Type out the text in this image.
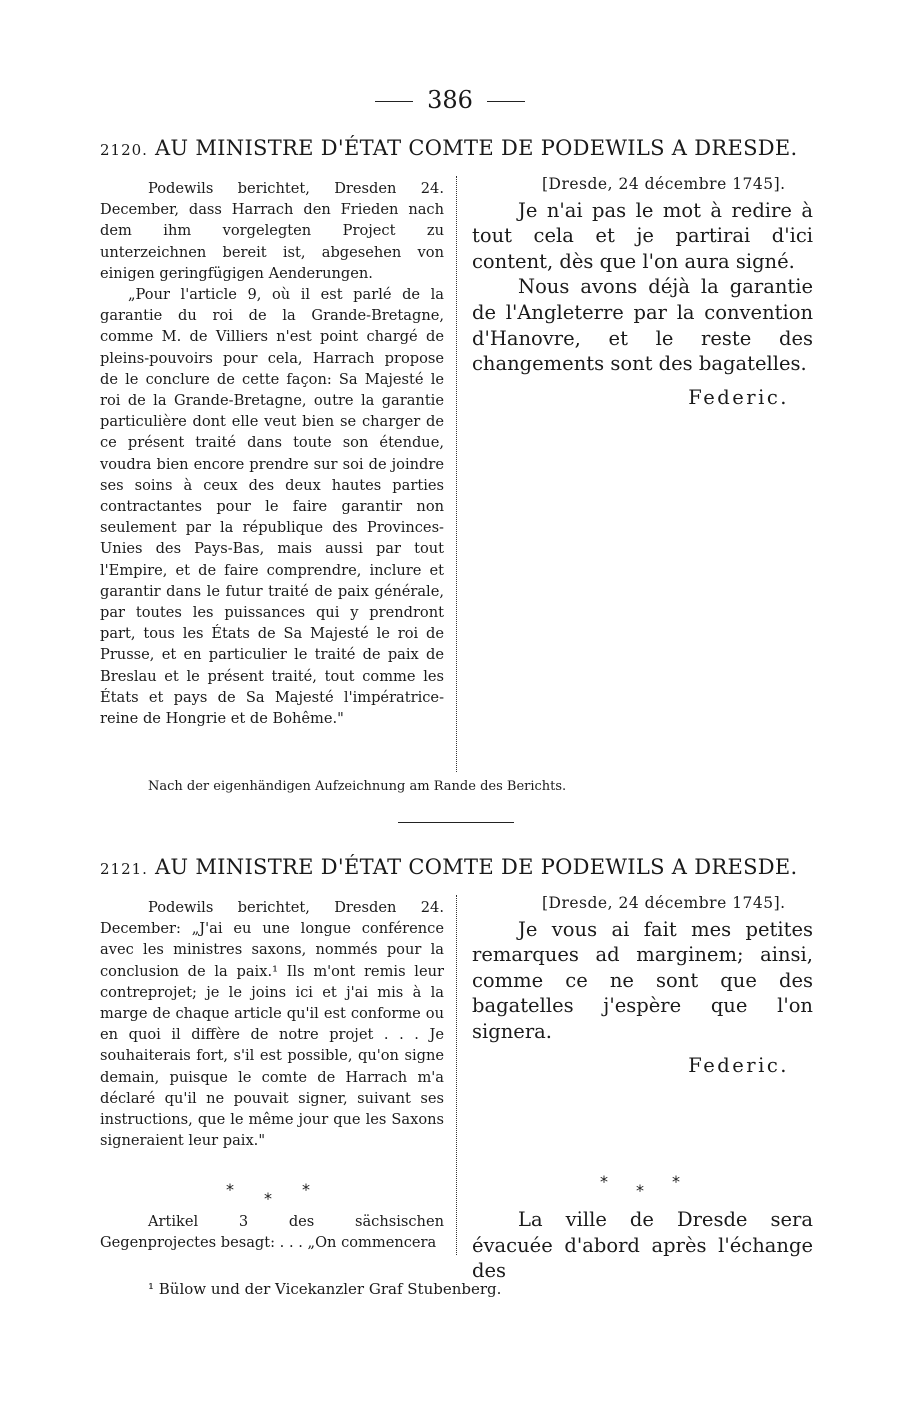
386
2120. AU MINISTRE D'ÉTAT COMTE DE PODEWILS A DRESDE.

Podewils berichtet, Dresden 24. December, dass Harrach den Frieden nach dem ihm vorgelegten Project zu unterzeichnen bereit ist, abgesehen von einigen geringfügigen Aenderungen.

„Pour l'article 9, où il est parlé de la garantie du roi de la Grande-Bretagne, comme M. de Villiers n'est point chargé de pleins-pouvoirs pour cela, Harrach propose de le conclure de cette façon: Sa Majesté le roi de la Grande-Bretagne, outre la garantie particulière dont elle veut bien se charger de ce présent traité dans toute son étendue, voudra bien encore prendre sur soi de joindre ses soins à ceux des deux hautes parties contractantes pour le faire garantir non seulement par la république des Provinces-Unies des Pays-Bas, mais aussi par tout l'Empire, et de faire comprendre, inclure et garantir dans le futur traité de paix générale, par toutes les puissances qui y prendront part, tous les États de Sa Majesté le roi de Prusse, et en particulier le traité de paix de Breslau et le présent traité, tout comme les États et pays de Sa Majesté l'impératrice-reine de Hongrie et de Bohême."

[Dresde, 24 décembre 1745].

Je n'ai pas le mot à redire à tout cela et je partirai d'ici content, dès que l'on aura signé.

Nous avons déjà la garantie de l'Angleterre par la convention d'Hanovre, et le reste des changements sont des bagatelles.

Federic.

Nach der eigenhändigen Aufzeichnung am Rande des Berichts.
2121. AU MINISTRE D'ÉTAT COMTE DE PODEWILS A DRESDE.

Podewils berichtet, Dresden 24. December: „J'ai eu une longue conférence avec les ministres saxons, nommés pour la conclusion de la paix.¹ Ils m'ont remis leur contreprojet; je le joins ici et j'ai mis à la marge de chaque article qu'il est conforme ou en quoi il diffère de notre projet . . . Je souhaiterais fort, s'il est possible, qu'on signe demain, puisque le comte de Harrach m'a déclaré qu'il ne pouvait signer, suivant ses instructions, que le même jour que les Saxons signeraient leur paix."

* * *

Artikel 3 des sächsischen Gegenprojectes besagt: . . . „On commencera

[Dresde, 24 décembre 1745].

Je vous ai fait mes petites remarques ad marginem; ainsi, comme ce ne sont que des bagatelles j'espère que l'on signera.

Federic.

* * *

La ville de Dresde sera évacuée d'abord après l'échange des

¹ Bülow und der Vicekanzler Graf Stubenberg.
